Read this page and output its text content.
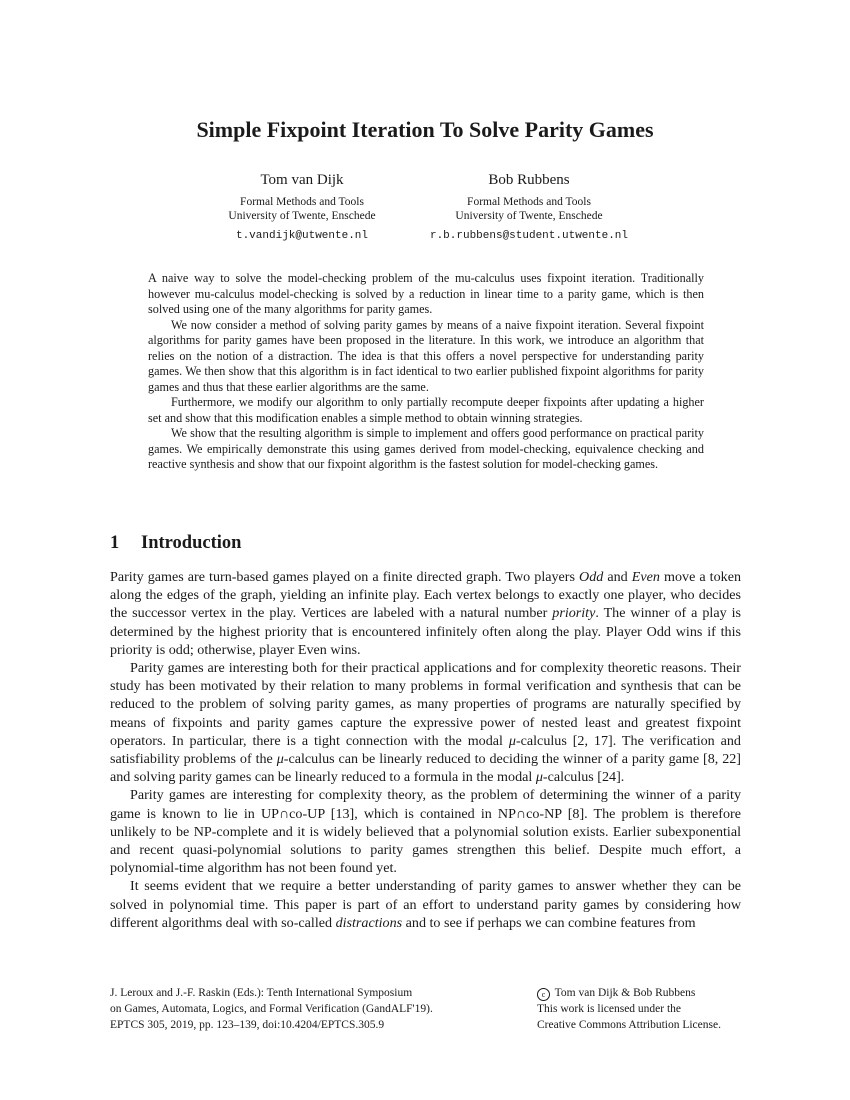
Simple Fixpoint Iteration To Solve Parity Games
Tom van Dijk
Formal Methods and Tools
University of Twente, Enschede
t.vandijk@utwente.nl
Bob Rubbens
Formal Methods and Tools
University of Twente, Enschede
r.b.rubbens@student.utwente.nl

A naive way to solve the model-checking problem of the mu-calculus uses fixpoint iteration. Traditionally however mu-calculus model-checking is solved by a reduction in linear time to a parity game, which is then solved using one of the many algorithms for parity games.

We now consider a method of solving parity games by means of a naive fixpoint iteration. Several fixpoint algorithms for parity games have been proposed in the literature. In this work, we introduce an algorithm that relies on the notion of a distraction. The idea is that this offers a novel perspective for understanding parity games. We then show that this algorithm is in fact identical to two earlier published fixpoint algorithms for parity games and thus that these earlier algorithms are the same.

Furthermore, we modify our algorithm to only partially recompute deeper fixpoints after updating a higher set and show that this modification enables a simple method to obtain winning strategies.

We show that the resulting algorithm is simple to implement and offers good performance on practical parity games. We empirically demonstrate this using games derived from model-checking, equivalence checking and reactive synthesis and show that our fixpoint algorithm is the fastest solution for model-checking games.

1 Introduction

Parity games are turn-based games played on a finite directed graph. Two players Odd and Even move a token along the edges of the graph, yielding an infinite play. Each vertex belongs to exactly one player, who decides the successor vertex in the play. Vertices are labeled with a natural number priority. The winner of a play is determined by the highest priority that is encountered infinitely often along the play. Player Odd wins if this priority is odd; otherwise, player Even wins.

Parity games are interesting both for their practical applications and for complexity theoretic reasons. Their study has been motivated by their relation to many problems in formal verification and synthesis that can be reduced to the problem of solving parity games, as many properties of programs are naturally specified by means of fixpoints and parity games capture the expressive power of nested least and greatest fixpoint operators. In particular, there is a tight connection with the modal μ-calculus [2, 17]. The verification and satisfiability problems of the μ-calculus can be linearly reduced to deciding the winner of a parity game [8, 22] and solving parity games can be linearly reduced to a formula in the modal μ-calculus [24].

Parity games are interesting for complexity theory, as the problem of determining the winner of a parity game is known to lie in UP∩co-UP [13], which is contained in NP∩co-NP [8]. The problem is therefore unlikely to be NP-complete and it is widely believed that a polynomial solution exists. Earlier subexponential and recent quasi-polynomial solutions to parity games strengthen this belief. Despite much effort, a polynomial-time algorithm has not been found yet.

It seems evident that we require a better understanding of parity games to answer whether they can be solved in polynomial time. This paper is part of an effort to understand parity games by considering how different algorithms deal with so-called distractions and to see if perhaps we can combine features from

J. Leroux and J.-F. Raskin (Eds.): Tenth International Symposium
on Games, Automata, Logics, and Formal Verification (GandALF'19).
EPTCS 305, 2019, pp. 123–139, doi:10.4204/EPTCS.305.9
c Tom van Dijk & Bob Rubbens
This work is licensed under the
Creative Commons Attribution License.
